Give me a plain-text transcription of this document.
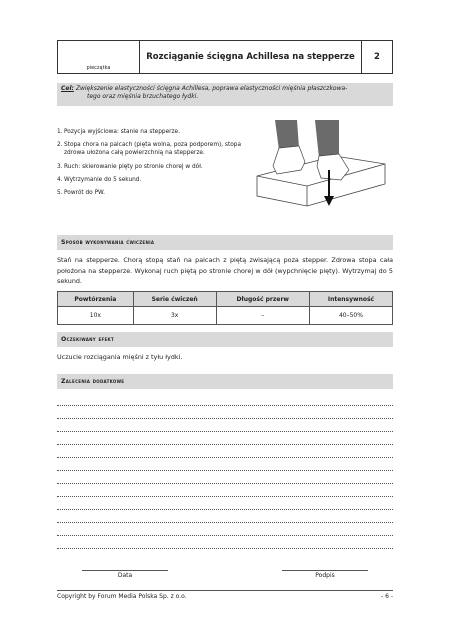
pieczątka
Rozciąganie ścięgna Achillesa na stepperze	2
Cel: Zwiększenie elastyczności ścięgna Achillesa, poprawa elastyczności mięśnia płaszczkowa-
tego oraz mięśnia brzuchatego łydki.
1. Pozycja wyjściowa: stanie na stepperze.
2. Stopa chora na palcach (pięta wolna, poza podporem), stopa zdrowa ułożona całą powierzchnią na stepperze.
3. Ruch: skierowanie pięty po stronie chorej w dół.
4. Wytrzymanie do 5 sekund.
5. Powrót do PW.
Sposób wykonywania ćwiczenia
Stań na stepperze. Chorą stopą stań na palcach z piętą zwisającą poza stepper. Zdrowa stopa cała położona na stepperze. Wykonaj ruch piętą po stronie chorej w dół (wypchnięcie pięty). Wytrzymaj do 5 sekund.
Powtórzenia	Serie ćwiczeń	Długość przerw	Intensywność
10x	3x	–	40–50%
Oczekiwany efekt
Uczucie rozciągania mięśni z tyłu łydki.
Zalecenia dodatkowe
Data	Podpis
Copyright by Forum Media Polska Sp. z o.o.	- 6 -
